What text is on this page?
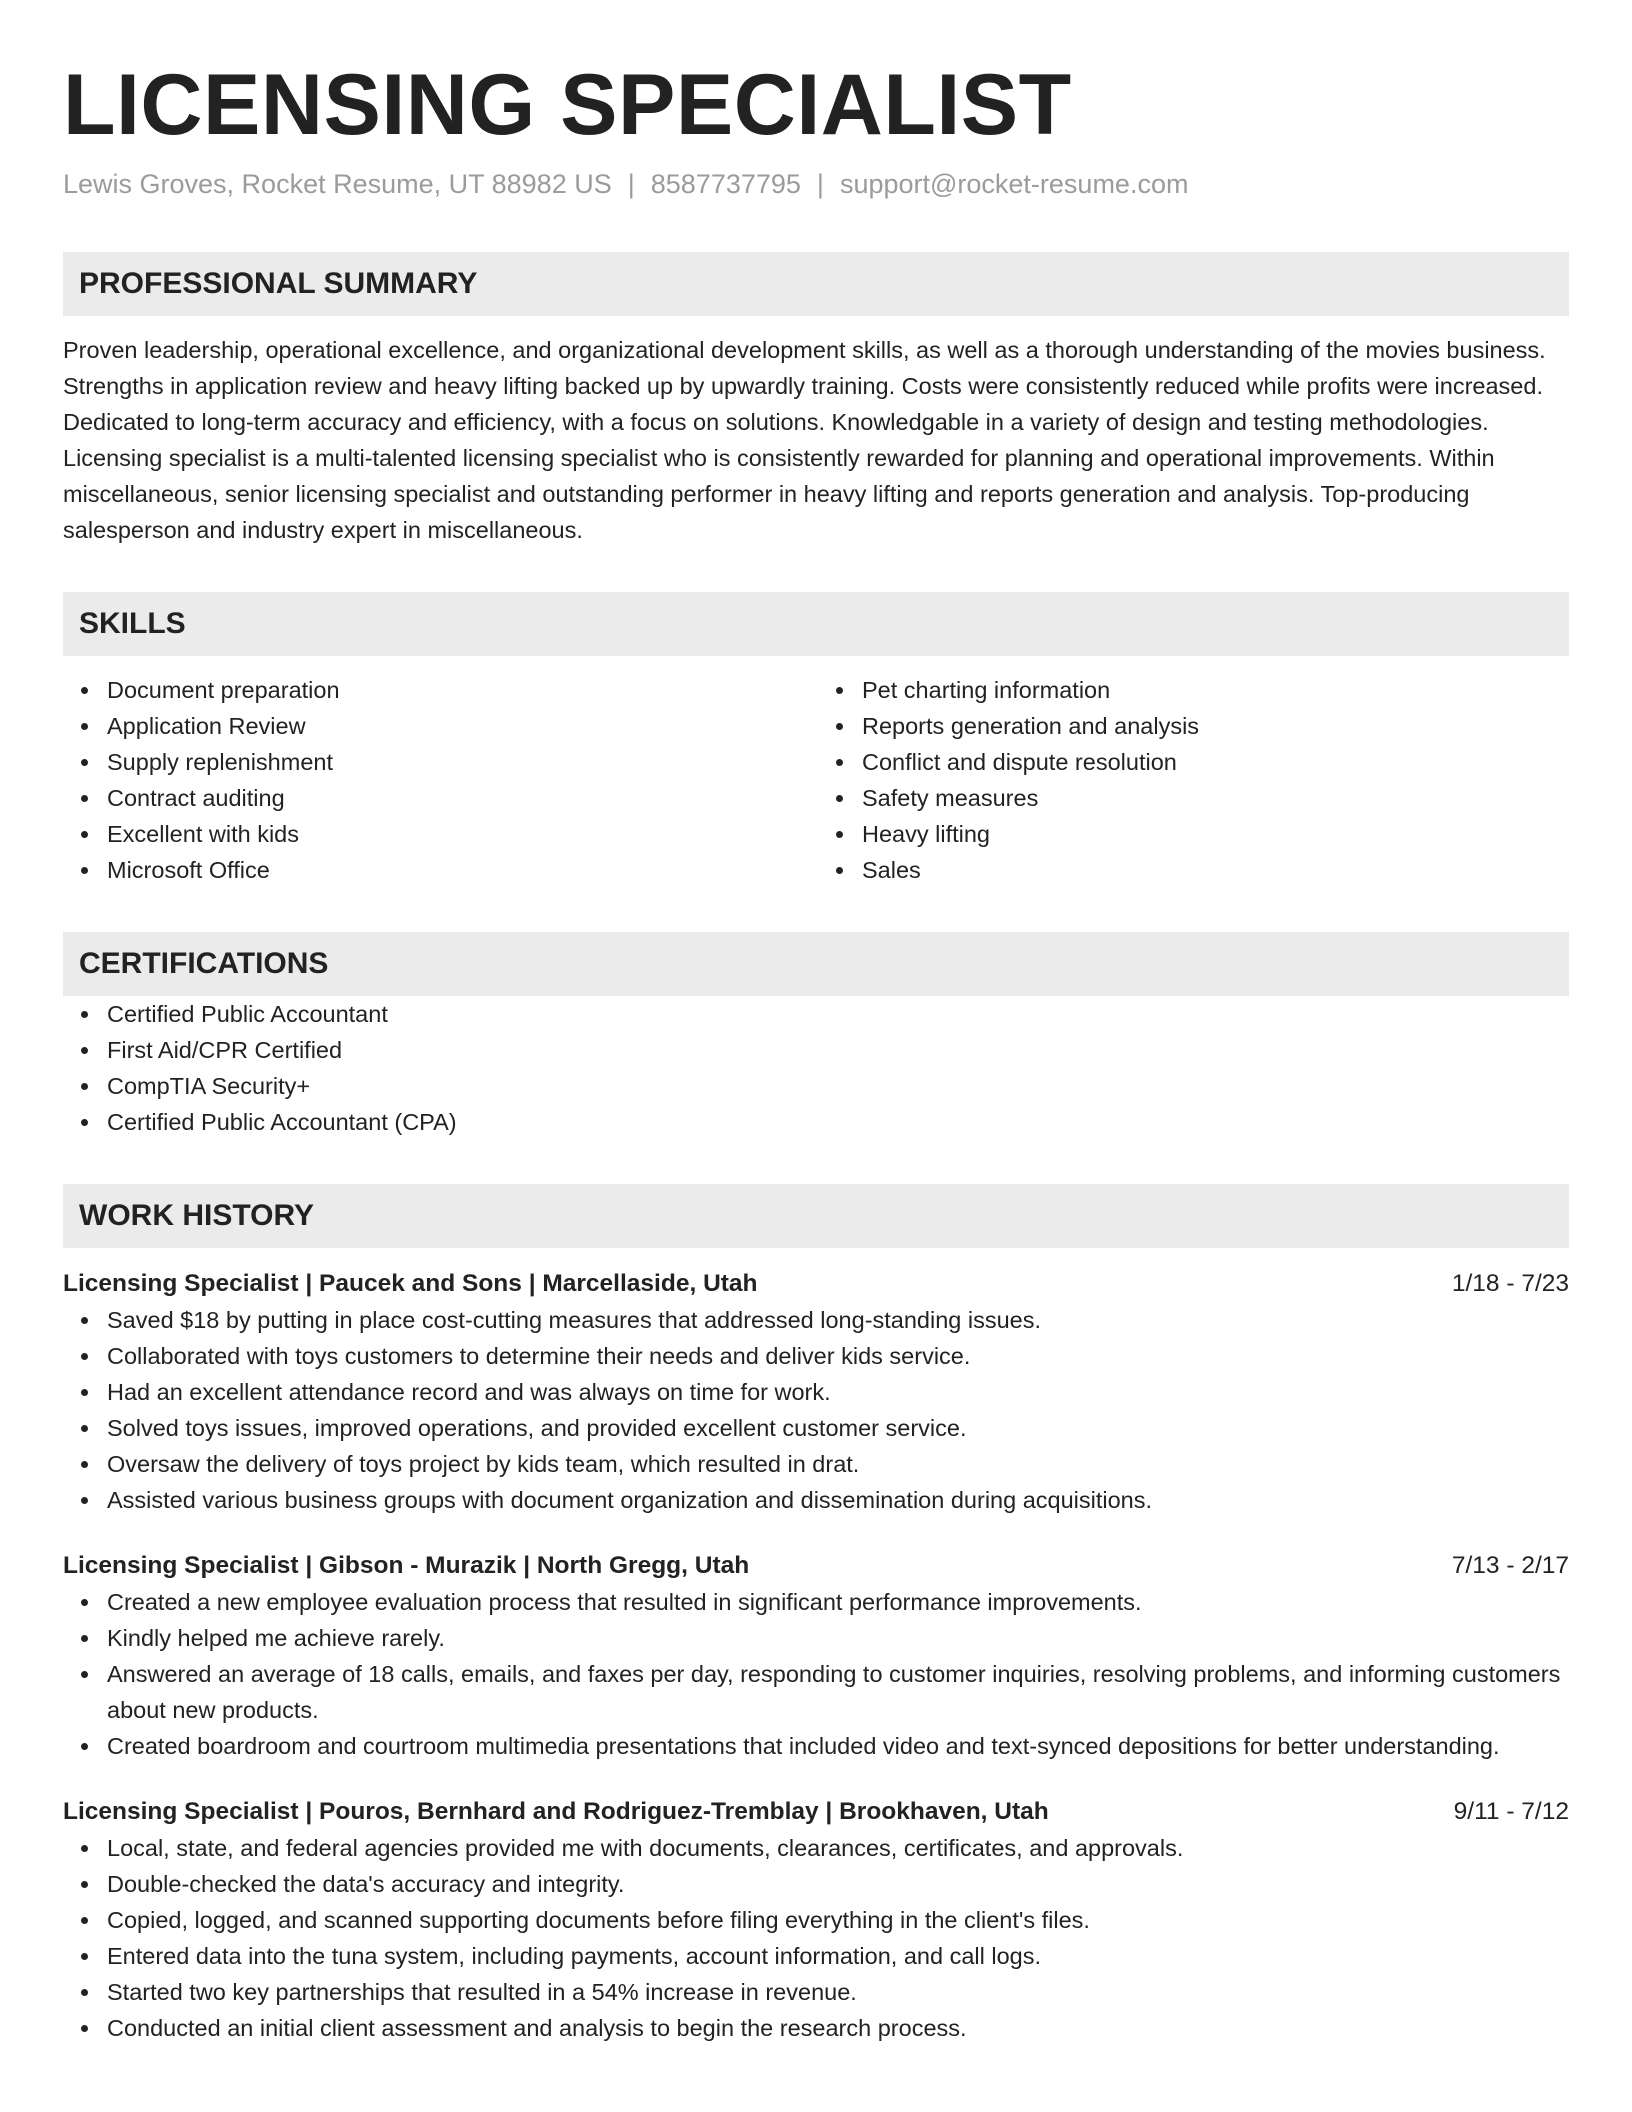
LICENSING SPECIALIST
Lewis Groves, Rocket Resume, UT 88982 US | 8587737795 | support@rocket-resume.com
PROFESSIONAL SUMMARY
Proven leadership, operational excellence, and organizational development skills, as well as a thorough understanding of the movies business. Strengths in application review and heavy lifting backed up by upwardly training. Costs were consistently reduced while profits were increased. Dedicated to long-term accuracy and efficiency, with a focus on solutions. Knowledgable in a variety of design and testing methodologies. Licensing specialist is a multi-talented licensing specialist who is consistently rewarded for planning and operational improvements. Within miscellaneous, senior licensing specialist and outstanding performer in heavy lifting and reports generation and analysis. Top-producing salesperson and industry expert in miscellaneous.
SKILLS
Document preparation
Application Review
Supply replenishment
Contract auditing
Excellent with kids
Microsoft Office
Pet charting information
Reports generation and analysis
Conflict and dispute resolution
Safety measures
Heavy lifting
Sales
CERTIFICATIONS
Certified Public Accountant
First Aid/CPR Certified
CompTIA Security+
Certified Public Accountant (CPA)
WORK HISTORY
Licensing Specialist | Paucek and Sons | Marcellaside, Utah	1/18 - 7/23
Saved $18 by putting in place cost-cutting measures that addressed long-standing issues.
Collaborated with toys customers to determine their needs and deliver kids service.
Had an excellent attendance record and was always on time for work.
Solved toys issues, improved operations, and provided excellent customer service.
Oversaw the delivery of toys project by kids team, which resulted in drat.
Assisted various business groups with document organization and dissemination during acquisitions.
Licensing Specialist | Gibson - Murazik | North Gregg, Utah	7/13 - 2/17
Created a new employee evaluation process that resulted in significant performance improvements.
Kindly helped me achieve rarely.
Answered an average of 18 calls, emails, and faxes per day, responding to customer inquiries, resolving problems, and informing customers about new products.
Created boardroom and courtroom multimedia presentations that included video and text-synced depositions for better understanding.
Licensing Specialist | Pouros, Bernhard and Rodriguez-Tremblay | Brookhaven, Utah	9/11 - 7/12
Local, state, and federal agencies provided me with documents, clearances, certificates, and approvals.
Double-checked the data's accuracy and integrity.
Copied, logged, and scanned supporting documents before filing everything in the client's files.
Entered data into the tuna system, including payments, account information, and call logs.
Started two key partnerships that resulted in a 54% increase in revenue.
Conducted an initial client assessment and analysis to begin the research process.
